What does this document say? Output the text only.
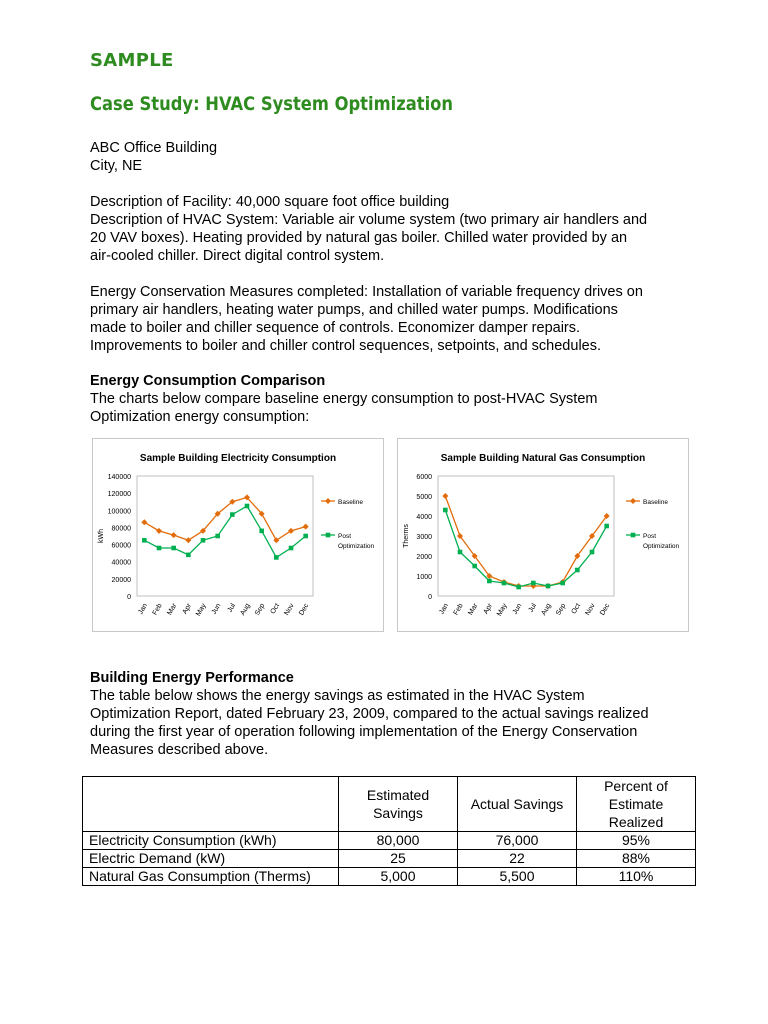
SAMPLE
Case Study: HVAC System Optimization
ABC Office Building
City, NE
Description of Facility: 40,000 square foot office building
Description of HVAC System: Variable air volume system (two primary air handlers and
20 VAV boxes). Heating provided by natural gas boiler. Chilled water provided by an
air-cooled chiller. Direct digital control system.
Energy Conservation Measures completed: Installation of variable frequency drives on
primary air handlers, heating water pumps, and chilled water pumps. Modifications
made to boiler and chiller sequence of controls. Economizer damper repairs.
Improvements to boiler and chiller control sequences, setpoints, and schedules.
Energy Consumption Comparison
The charts below compare baseline energy consumption to post-HVAC System
Optimization energy consumption:
Sample Building Electricity Consumption
0
20000
40000
60000
80000
100000
120000
140000
kWh
Jan Feb Mar Apr May Jun Jul Aug Sep Oct Nov Dec
Baseline
Post
Optimization
Sample Building Natural Gas Consumption
0
1000
2000
3000
4000
5000
6000
Therms
Jan Feb Mar Apr May Jun Jul Aug Sep Oct Nov Dec
Baseline
Post
Optimization
Building Energy Performance
The table below shows the energy savings as estimated in the HVAC System
Optimization Report, dated February 23, 2009, compared to the actual savings realized
during the first year of operation following implementation of the Energy Conservation
Measures described above.
	Estimated Savings	Actual Savings	Percent of Estimate Realized
Electricity Consumption (kWh)	80,000	76,000	95%
Electric Demand (kW)	25	22	88%
Natural Gas Consumption (Therms)	5,000	5,500	110%
